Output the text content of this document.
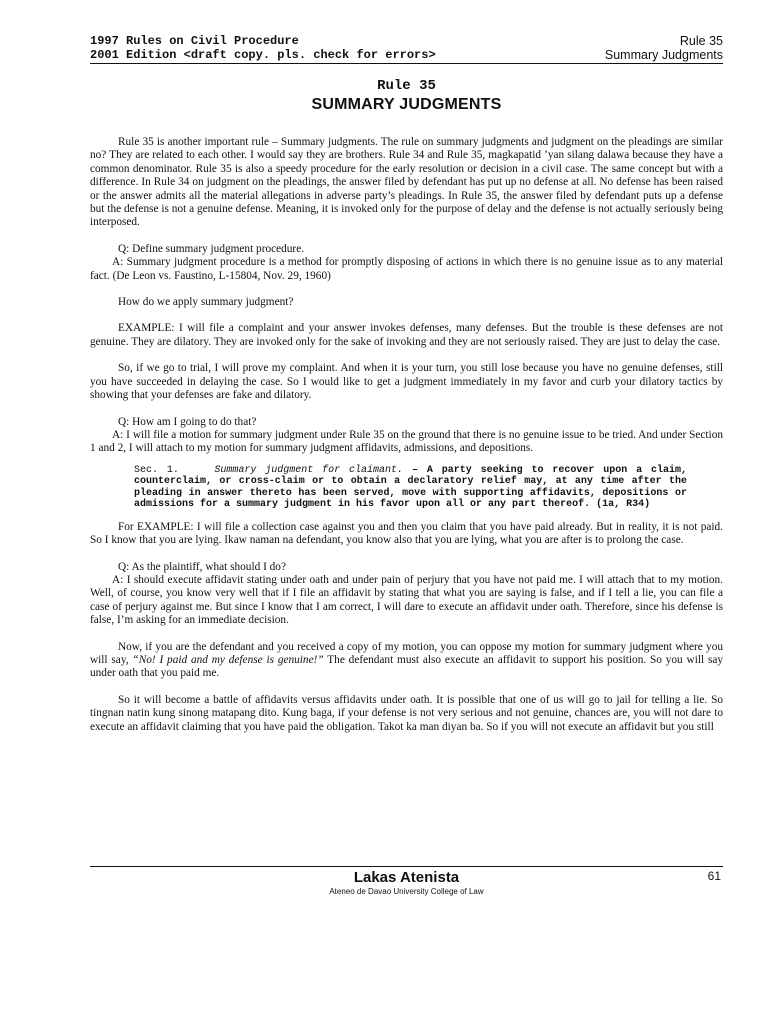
1997 Rules on Civil Procedure
2001 Edition <draft copy. pls. check for errors>
Rule 35
Summary Judgments
Rule 35
SUMMARY JUDGMENTS

Rule 35 is another important rule – Summary judgments. The rule on summary judgments and judgment on the pleadings are similar no? They are related to each other. I would say they are brothers. Rule 34 and Rule 35, magkapatid ’yan silang dalawa because they have a common denominator. Rule 35 is also a speedy procedure for the early resolution or decision in a civil case. The same concept but with a difference. In Rule 34 on judgment on the pleadings, the answer filed by defendant has put up no defense at all. No defense has been raised or the answer admits all the material allegations in adverse party’s pleadings. In Rule 35, the answer filed by defendant puts up a defense but the defense is not a genuine defense. Meaning, it is invoked only for the purpose of delay and the defense is not actually seriously being interposed.

Q: Define summary judgment procedure.
A: Summary judgment procedure is a method for promptly disposing of actions in which there is no genuine issue as to any material fact. (De Leon vs. Faustino, L-15804, Nov. 29, 1960)

How do we apply summary judgment?

EXAMPLE: I will file a complaint and your answer invokes defenses, many defenses. But the trouble is these defenses are not genuine. They are dilatory. They are invoked only for the sake of invoking and they are not seriously raised. They are just to delay the case.

So, if we go to trial, I will prove my complaint. And when it is your turn, you still lose because you have no genuine defenses, still you have succeeded in delaying the case. So I would like to get a judgment immediately in my favor and curb your dilatory tactics by showing that your defenses are fake and dilatory.

Q: How am I going to do that?
A: I will file a motion for summary judgment under Rule 35 on the ground that there is no genuine issue to be tried. And under Section 1 and 2, I will attach to my motion for summary judgment affidavits, admissions, and depositions.
Sec. 1.	Summary judgment for claimant. – A party seeking to recover upon a claim, counterclaim, or cross-claim or to obtain a declaratory relief may, at any time after the pleading in answer thereto has been served, move with supporting affidavits, depositions or admissions for a summary judgment in his favor upon all or any part thereof. (1a, R34)

For EXAMPLE: I will file a collection case against you and then you claim that you have paid already. But in reality, it is not paid. So I know that you are lying. Ikaw naman na defendant, you know also that you are lying, what you are after is to prolong the case.

Q: As the plaintiff, what should I do?
A: I should execute affidavit stating under oath and under pain of perjury that you have not paid me. I will attach that to my motion. Well, of course, you know very well that if I file an affidavit by stating that what you are saying is false, and if I tell a lie, you can file a case of perjury against me. But since I know that I am correct, I will dare to execute an affidavit under oath. Therefore, since his defense is false, I’m asking for an immediate decision.

Now, if you are the defendant and you received a copy of my motion, you can oppose my motion for summary judgment where you will say, “No! I paid and my defense is genuine!” The defendant must also execute an affidavit to support his position. So you will say under oath that you paid me.

So it will become a battle of affidavits versus affidavits under oath. It is possible that one of us will go to jail for telling a lie. So tingnan natin kung sinong matapang dito. Kung baga, if your defense is not very serious and not genuine, chances are, you will not dare to execute an affidavit claiming that you have paid the obligation. Takot ka man diyan ba. So if you will not execute an affidavit but you still

Lakas Atenista
Ateneo de Davao University College of Law
61
